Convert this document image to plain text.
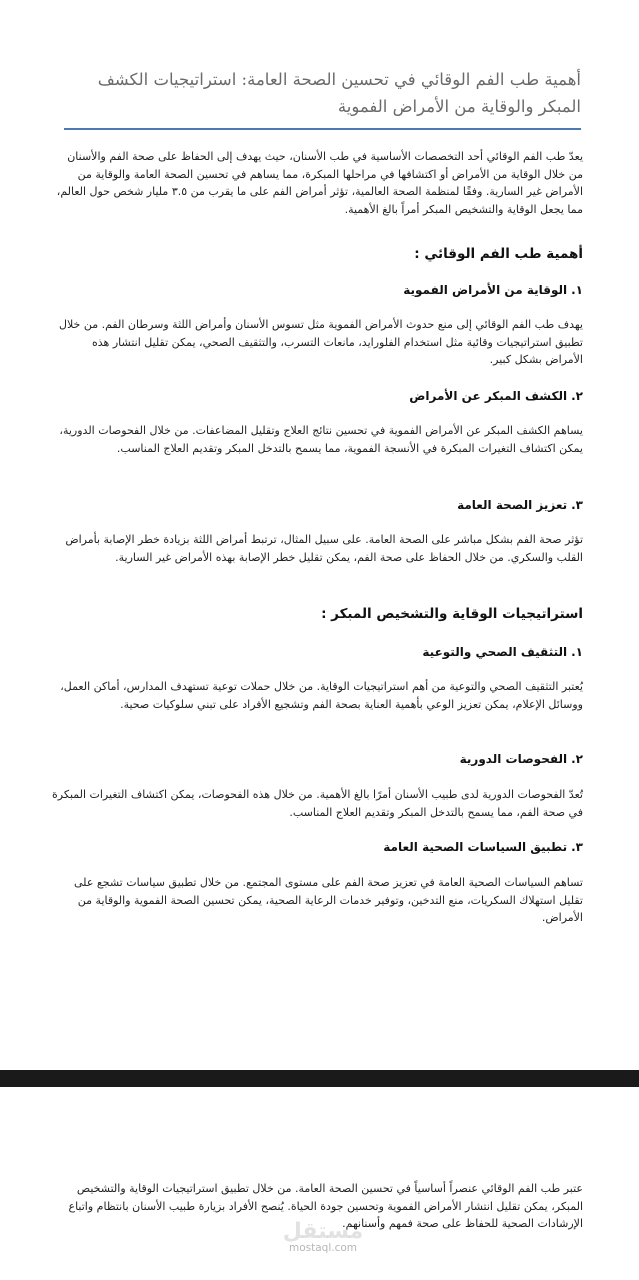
أهمية طب الفم الوقائي في تحسين الصحة العامة: استراتيجيات الكشف المبكر والوقاية من الأمراض الفموية

يعدّ طب الفم الوقائي أحد التخصصات الأساسية في طب الأسنان، حيث يهدف إلى الحفاظ على صحة الفم والأسنان من خلال الوقاية من الأمراض أو اكتشافها في مراحلها المبكرة، مما يساهم في تحسين الصحة العامة والوقاية من الأمراض غير السارية. وفقًا لمنظمة الصحة العالمية، تؤثر أمراض الفم على ما يقرب من ٣.٥ مليار شخص حول العالم، مما يجعل الوقاية والتشخيص المبكر أمراً بالغ الأهمية.

أهمية طب الفم الوقائي :
١.الوقاية من الأمراض الفموية

يهدف طب الفم الوقائي إلى منع حدوث الأمراض الفموية مثل تسوس الأسنان وأمراض اللثة وسرطان الفم. من خلال تطبيق استراتيجيات وقائية مثل استخدام الفلورايد، مانعات التسرب، والتثقيف الصحي، يمكن تقليل انتشار هذه الأمراض بشكل كبير.

٢.الكشف المبكر عن الأمراض

يساهم الكشف المبكر عن الأمراض الفموية في تحسين نتائج العلاج وتقليل المضاعفات. من خلال الفحوصات الدورية، يمكن اكتشاف التغيرات المبكرة في الأنسجة الفموية، مما يسمح بالتدخل المبكر وتقديم العلاج المناسب.

٣.تعزيز الصحة العامة

تؤثر صحة الفم بشكل مباشر على الصحة العامة. على سبيل المثال، ترتبط أمراض اللثة بزيادة خطر الإصابة بأمراض القلب والسكري. من خلال الحفاظ على صحة الفم، يمكن تقليل خطر الإصابة بهذه الأمراض غير السارية.

استراتيجيات الوقاية والتشخيص المبكر :
١.التثقيف الصحي والتوعية

يُعتبر التثقيف الصحي والتوعية من أهم استراتيجيات الوقاية. من خلال حملات توعية تستهدف المدارس، أماكن العمل، ووسائل الإعلام، يمكن تعزيز الوعي بأهمية العناية بصحة الفم وتشجيع الأفراد على تبني سلوكيات صحية.

٢.الفحوصات الدورية

تُعدّ الفحوصات الدورية لدى طبيب الأسنان أمرًا بالغ الأهمية. من خلال هذه الفحوصات، يمكن اكتشاف التغيرات المبكرة في صحة الفم، مما يسمح بالتدخل المبكر وتقديم العلاج المناسب.

٣.تطبيق السياسات الصحية العامة

تساهم السياسات الصحية العامة في تعزيز صحة الفم على مستوى المجتمع. من خلال تطبيق سياسات تشجع على تقليل استهلاك السكريات، منع التدخين، وتوفير خدمات الرعاية الصحية، يمكن تحسين الصحة الفموية والوقاية من الأمراض.

عتبر طب الفم الوقائي عنصراً أساسياً في تحسين الصحة العامة. من خلال تطبيق استراتيجيات الوقاية والتشخيص المبكر، يمكن تقليل انتشار الأمراض الفموية وتحسين جودة الحياة. يُنصح الأفراد بزيارة طبيب الأسنان بانتظام واتباع الإرشادات الصحية للحفاظ على صحة فمهم وأسنانهم.

مستقل
mostaql.com
